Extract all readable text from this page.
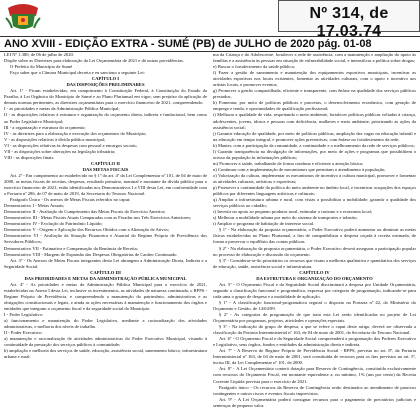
Nº 314, de 17.03.74
ANO XVIII - EDIÇÃO EXTRA - SUMÉ (PB) de JULHO de 2020 pág. 01-08

LEI Nº 1.380, de 06 de julho de 2020.

Dispõe sobre as Diretrizes para elaboração da Lei Orçamentária de 2021 e dá outras providências.

O Prefeito do Município de Sumé

Faço saber que a Câmara Municipal decreta e eu sanciono a seguinte Lei:

CAPÍTULO I

DAS DISPOSIÇÕES PRELIMINARES

Art. 1º - Ficam estabelecidas, em cumprimento à Constituição Federal, à Constituição do Estado da Paraíba, à Lei Orgânica do Município de Sumé e ao Plano Plurianual em vigor, sem prejuízo da aplicação de demais normas pertinentes, as diretrizes orçamentárias para o exercício financeiro de 2021, compreendendo:

I - as prioridades e metas da Administração Pública Municipal;

II - as disposições relativas à estrutura e organização do orçamento direta, indireta e fundacional, bem como ao Poder Legislativo Municipal;

III - a organização e estrutura do orçamento;

IV - as diretrizes para a elaboração e execução dos orçamentos do Município;

V - as disposições relativas à dívida pública municipal;

VI - as disposições relativas às despesas com pessoal e encargos sociais;

VII - as disposições sobre alterações na legislação tributária;

VIII - as disposições finais.

CAPÍTULO II

DAS METAS FISCAIS

Art. 2º - Em cumprimento ao estabelecido no § 1º do art. 4º da Lei Complementar nº 101, de 04 de maio de 2000, as metas fiscais de receitas, despesas, resultado primário, nominal e montante da dívida pública para o exercício financeiro de 2021, estão identificadas nos Demonstrativos I a VIII desta Lei, em conformidade com a Portaria nº 286, de 07 de maio de 2019, da Secretaria do Tesouro Nacional.

Parágrafo Único - Os anexos de Metas Fiscais referidos no caput:

Demonstrativo I - Metas Anuais;

Demonstrativo II - Avaliação do Cumprimento das Metas Fiscais do Exercício Anterior;

Demonstrativo III - Metas Fiscais Atuais Comparadas com as Fixadas nos Três Exercícios Anteriores;

Demonstrativo IV - Evolução do Patrimônio Líquido;

Demonstrativo V - Origem e Aplicação dos Recursos Obtidos com a Alienação de Ativos;

Demonstrativo VI - Avaliação da Situação Financeira e Atuarial do Regime Próprio de Previdência dos Servidores Públicos;

Demonstrativo VII - Estimativa e Compensação da Renúncia de Receita;

Demonstrativo VIII - Margem de Expansão das Despesas Obrigatórias de Caráter Continuado.

Art. 3º - Os Anexos de Metas Fiscais integrantes desta Lei abrangem a Administração Direta, Indireta e a Seguridade Social.

CAPÍTULO III

DAS PRIORIDADES E METAS DA ADMINISTRAÇÃO PÚBLICA MUNICIPAL

Art. 4º - As prioridades e metas da Administração Pública Municipal para o exercício de 2021, estabelecidas no Anexo I desta Lei, inclusive os investimentos, as atividades de natureza continuada, o RPPS - Regime Próprio de Previdência, e compreendendo a manutenção do patrimônio, administrativas e as obrigações constitucionais e legais, e ainda as ações necessárias à manutenção e funcionamento dos órgãos e entidades que integram o orçamento fiscal e da seguridade social do Município.

I - Poder Legislativo:

a) funcionamento e manutenção do Poder Legislativo, mediante a racionalização dos atividades administrativas, e melhoria dos níveis de trabalho.

II - Poder Executivo:

a) manutenção e racionalização de atividades administrativas do Poder Executivo Municipal, visando à continuidade da prestação dos serviços públicos à comunidade;

b) ampliação e melhoria dos serviços de saúde, educação, assistência social, saneamento básico, infraestrutura urbana e rural.

ma da Criança e do Adolescente, fortalecer a rede de assistência, com a manutenção e ampliação do apoio às famílias e a assistência às pessoas em situação de vulnerabilidade social, e intensificar a política sobre drogas;

e) Buscar o fortalecimento da saúde pública;

f) Fazer a gestão de saneamento e manutenção dos equipamentos esportivos municipais, incentivar as atividades esportivas nos locais existentes, fomentar as atividades culturais, com o apoio e incentivo aos artistas locais, e promover eventos;

g) Promover a gestão compartilhada, eficiente e transparente, com ênfase na qualidade dos serviços públicos prestados;

h) Fomentar, por meio de políticas públicas e parcerias, o desenvolvimento econômico, com geração de emprego e renda, e oportunidades de qualificação profissional;

i) Melhorar a qualidade de vida, respeitando o meio ambiente, fortalecer políticas públicas voltadas à criança, adolescentes, jovens, idosos e pessoas com deficiência, mulheres e meio ambiente, priorizando as ações da assistência social;

j) Garantir educação de qualidade, por meio de políticas públicas, ampliação das vagas na educação infantil e na educação em tempo integral, e promover ações preventivas, com ênfase no fortalecimento da rede.

k) Manter, com a participação da comunidade, a continuidade e o melhoramento da rede de serviços públicos;

l) Garantir transparência na divulgação de informações, por meio de ações e programas que possibilitem o acesso da população às informações públicas;

m) Promover a saúde, trabalhando de forma contínua e eficiente a atenção básica;

n) Continuar com a implementação de mecanismos que permitam o atendimento à população;

o) Valorização da cultura, implementar os mecanismos de incentivo à cultura municipal, promover e fomentar as atividades culturais, artísticas e esportivas;

p) Promover a continuidade da política do meio ambiente no âmbito local, e incentivar ocupações dos espaços públicos por diferentes linguagens artísticas e culturais;

q) Ampliar a infraestrutura urbana e rural, com vistas a possibilitar a mobilidade, garantir a qualidade dos serviços públicos ao cidadão;

r) Investir no apoio ao pequeno produtor rural, estimular o turismo e a economia local;

s) Melhorar a mobilidade urbana por meio do sistema de transportes e trânsito;

t) Ampliar o programa de habitação de interesse social.

§ 1º - Na elaboração da proposta orçamentária, o Poder Executivo poderá aumentar ou diminuir as metas físicas estabelecidas no Plano Plurianual, a fim de compatibilizar a despesa orçada à receita estimada, de forma a preservar o equilíbrio das contas públicas.

§ 2º - Na elaboração da proposta orçamentária, o Poder Executivo deverá assegurar a participação popular no processo de elaboração e discussão do orçamento.

§ 3º - Considerar-se-ão prioritários os recursos que visam a melhoria qualitativa e quantitativa dos serviços de educação, saúde, assistência social e infraestrutura.

CAPÍTULO IV

DA ESTRUTURA E ORGANIZAÇÃO DO ORÇAMENTO

Art. 5º - O Orçamento Fiscal e da Seguridade Social discriminará a despesa por Unidade Orçamentária, segundo a classificação funcional e programática, expressa por categoria de programação, indicando-se para cada uma o grupo de despesa e a modalidade de aplicação.

§ 1º - A classificação funcional-programática seguirá o disposto na Portaria nº 42, do Ministério do Orçamento e Gestão, de 14/04/99.

§ 2º - As categorias de programação de que trata esta Lei serão identificadas no projeto de Lei Orçamentária por programas, projetos, atividades e operações especiais.

§ 3º - Na indicação do grupo de despesa, a que se refere o caput deste artigo, deverá ser observada a classificação da Portaria Interministerial nº 163, de 04 de maio de 2001, da Secretaria do Tesouro Nacional.

Art. 6º - O Orçamento Fiscal e da Seguridade Social compreenderá a programação dos Poderes Executivo e Legislativo, seus órgãos, fundos e entidades da administração direta e indireta.

Art. 7º - A Reserva do Regime Próprio de Previdência Social - RPPS, prevista no art. 8º, da Portaria Interministerial nº 163, de 04 de maio de 2001, será constituída de recursos para os fins previstos no art. 5º, inciso III, da Lei Complementar nº 101, de 2000.

Art. 8º - A Lei Orçamentária conterá dotação para Reserva de Contingência, constituída exclusivamente com recursos do Orçamento Fiscal, em montante equivalente a, no mínimo, 1% (um por cento) da Receita Corrente Líquida prevista para o exercício de 2021.

Parágrafo único - Os recursos da Reserva de Contingência serão destinados ao atendimento de passivos contingentes e outros riscos e eventos fiscais imprevistos.

Art. 9º - A Lei Orçamentária poderá consignar recursos para o pagamento de precatórios judiciais e sentenças de pequeno valor.
